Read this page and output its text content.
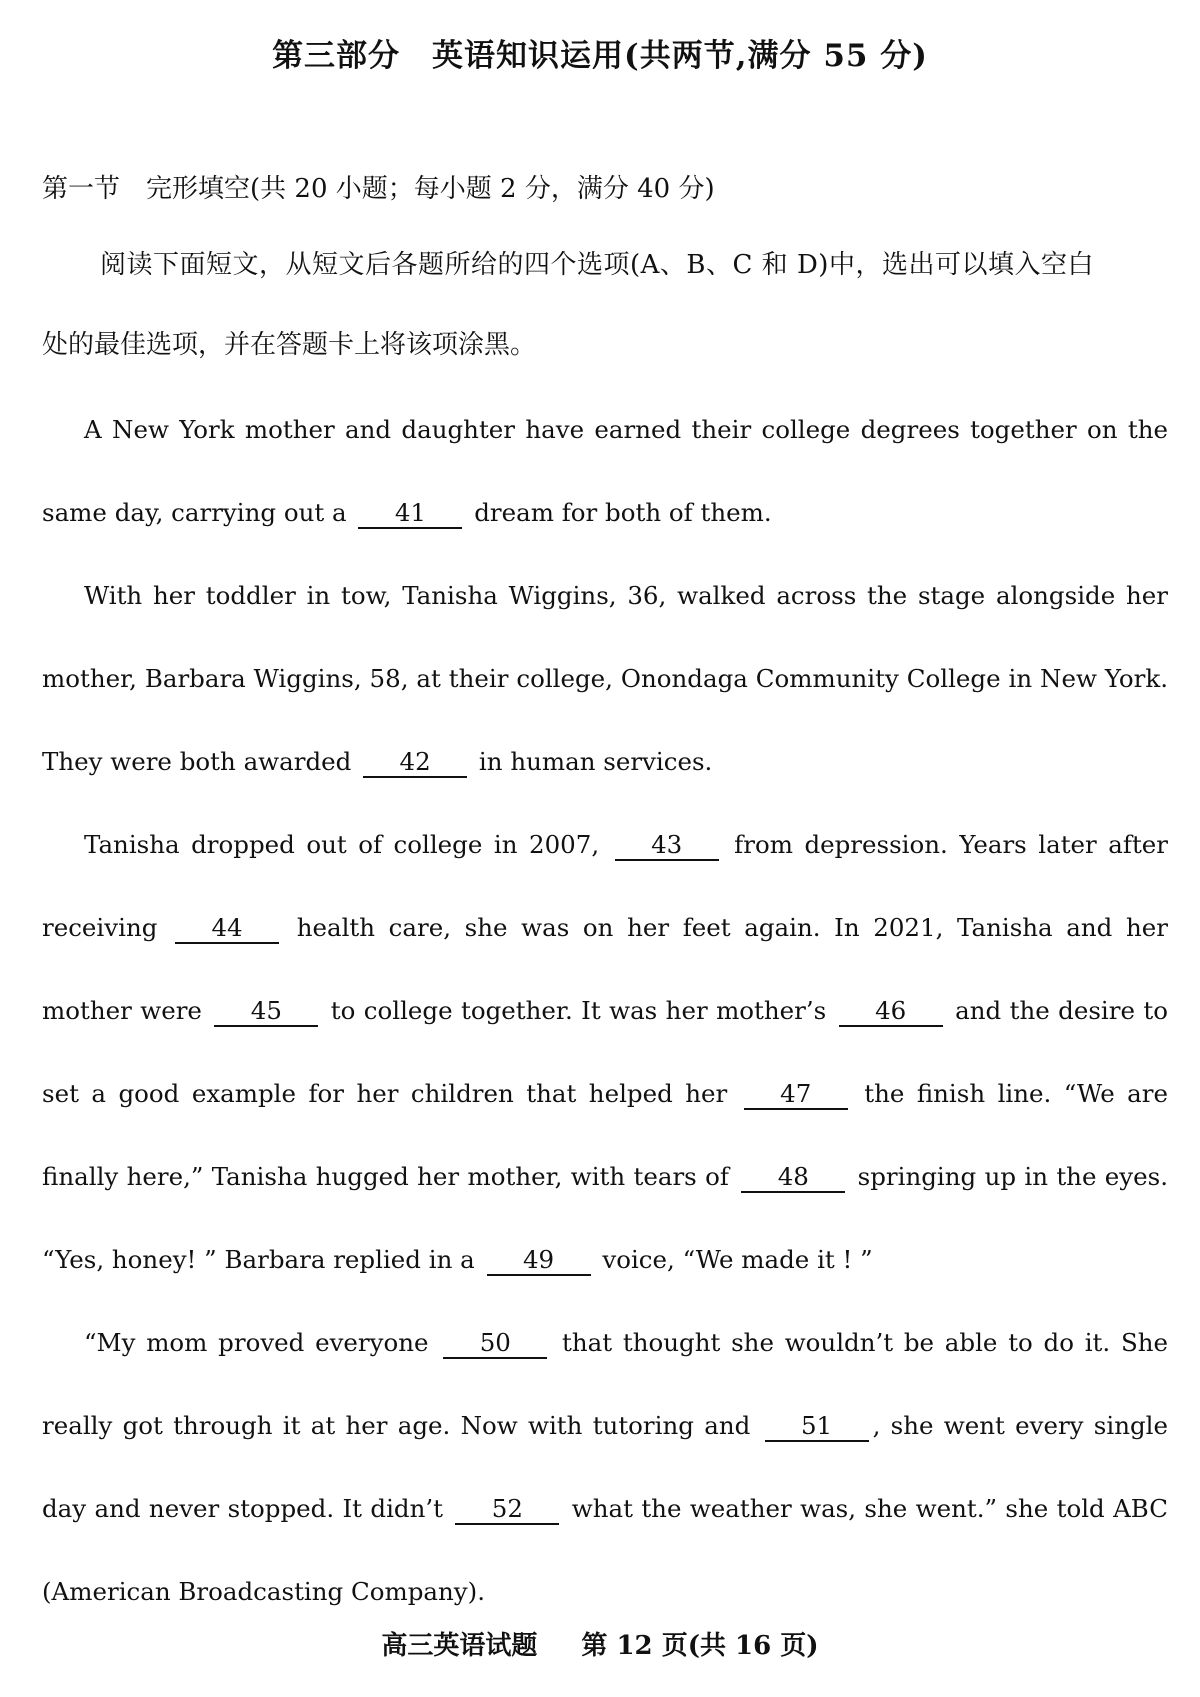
第三部分　英语知识运用(共两节,满分 55 分)
第一节 完形填空(共 20 小题；每小题 2 分，满分 40 分)
阅读下面短文，从短文后各题所给的四个选项(A、B、C 和 D)中，选出可以填入空白
处的最佳选项，并在答题卡上将该项涂黑。

A New York mother and daughter have earned their college degrees together on the same day, carrying out a 41 dream for both of them.

With her toddler in tow, Tanisha Wiggins, 36, walked across the stage alongside her mother, Barbara Wiggins, 58, at their college, Onondaga Community College in New York. They were both awarded 42 in human services.

Tanisha dropped out of college in 2007, 43 from depression. Years later after receiving 44 health care, she was on her feet again. In 2021, Tanisha and her mother were 45 to college together. It was her mother’s 46 and the desire to set a good example for her children that helped her 47 the finish line. “We are finally here,” Tanisha hugged her mother, with tears of 48 springing up in the eyes. “Yes, honey! ” Barbara replied in a 49 voice, “We made it ! ”

“My mom proved everyone 50 that thought she wouldn’t be able to do it. She really got through it at her age. Now with tutoring and 51 , she went every single day and never stopped. It didn’t 52 what the weather was, she went.” she told ABC (American Broadcasting Company).

高三英语试题 第 12 页(共 16 页)
